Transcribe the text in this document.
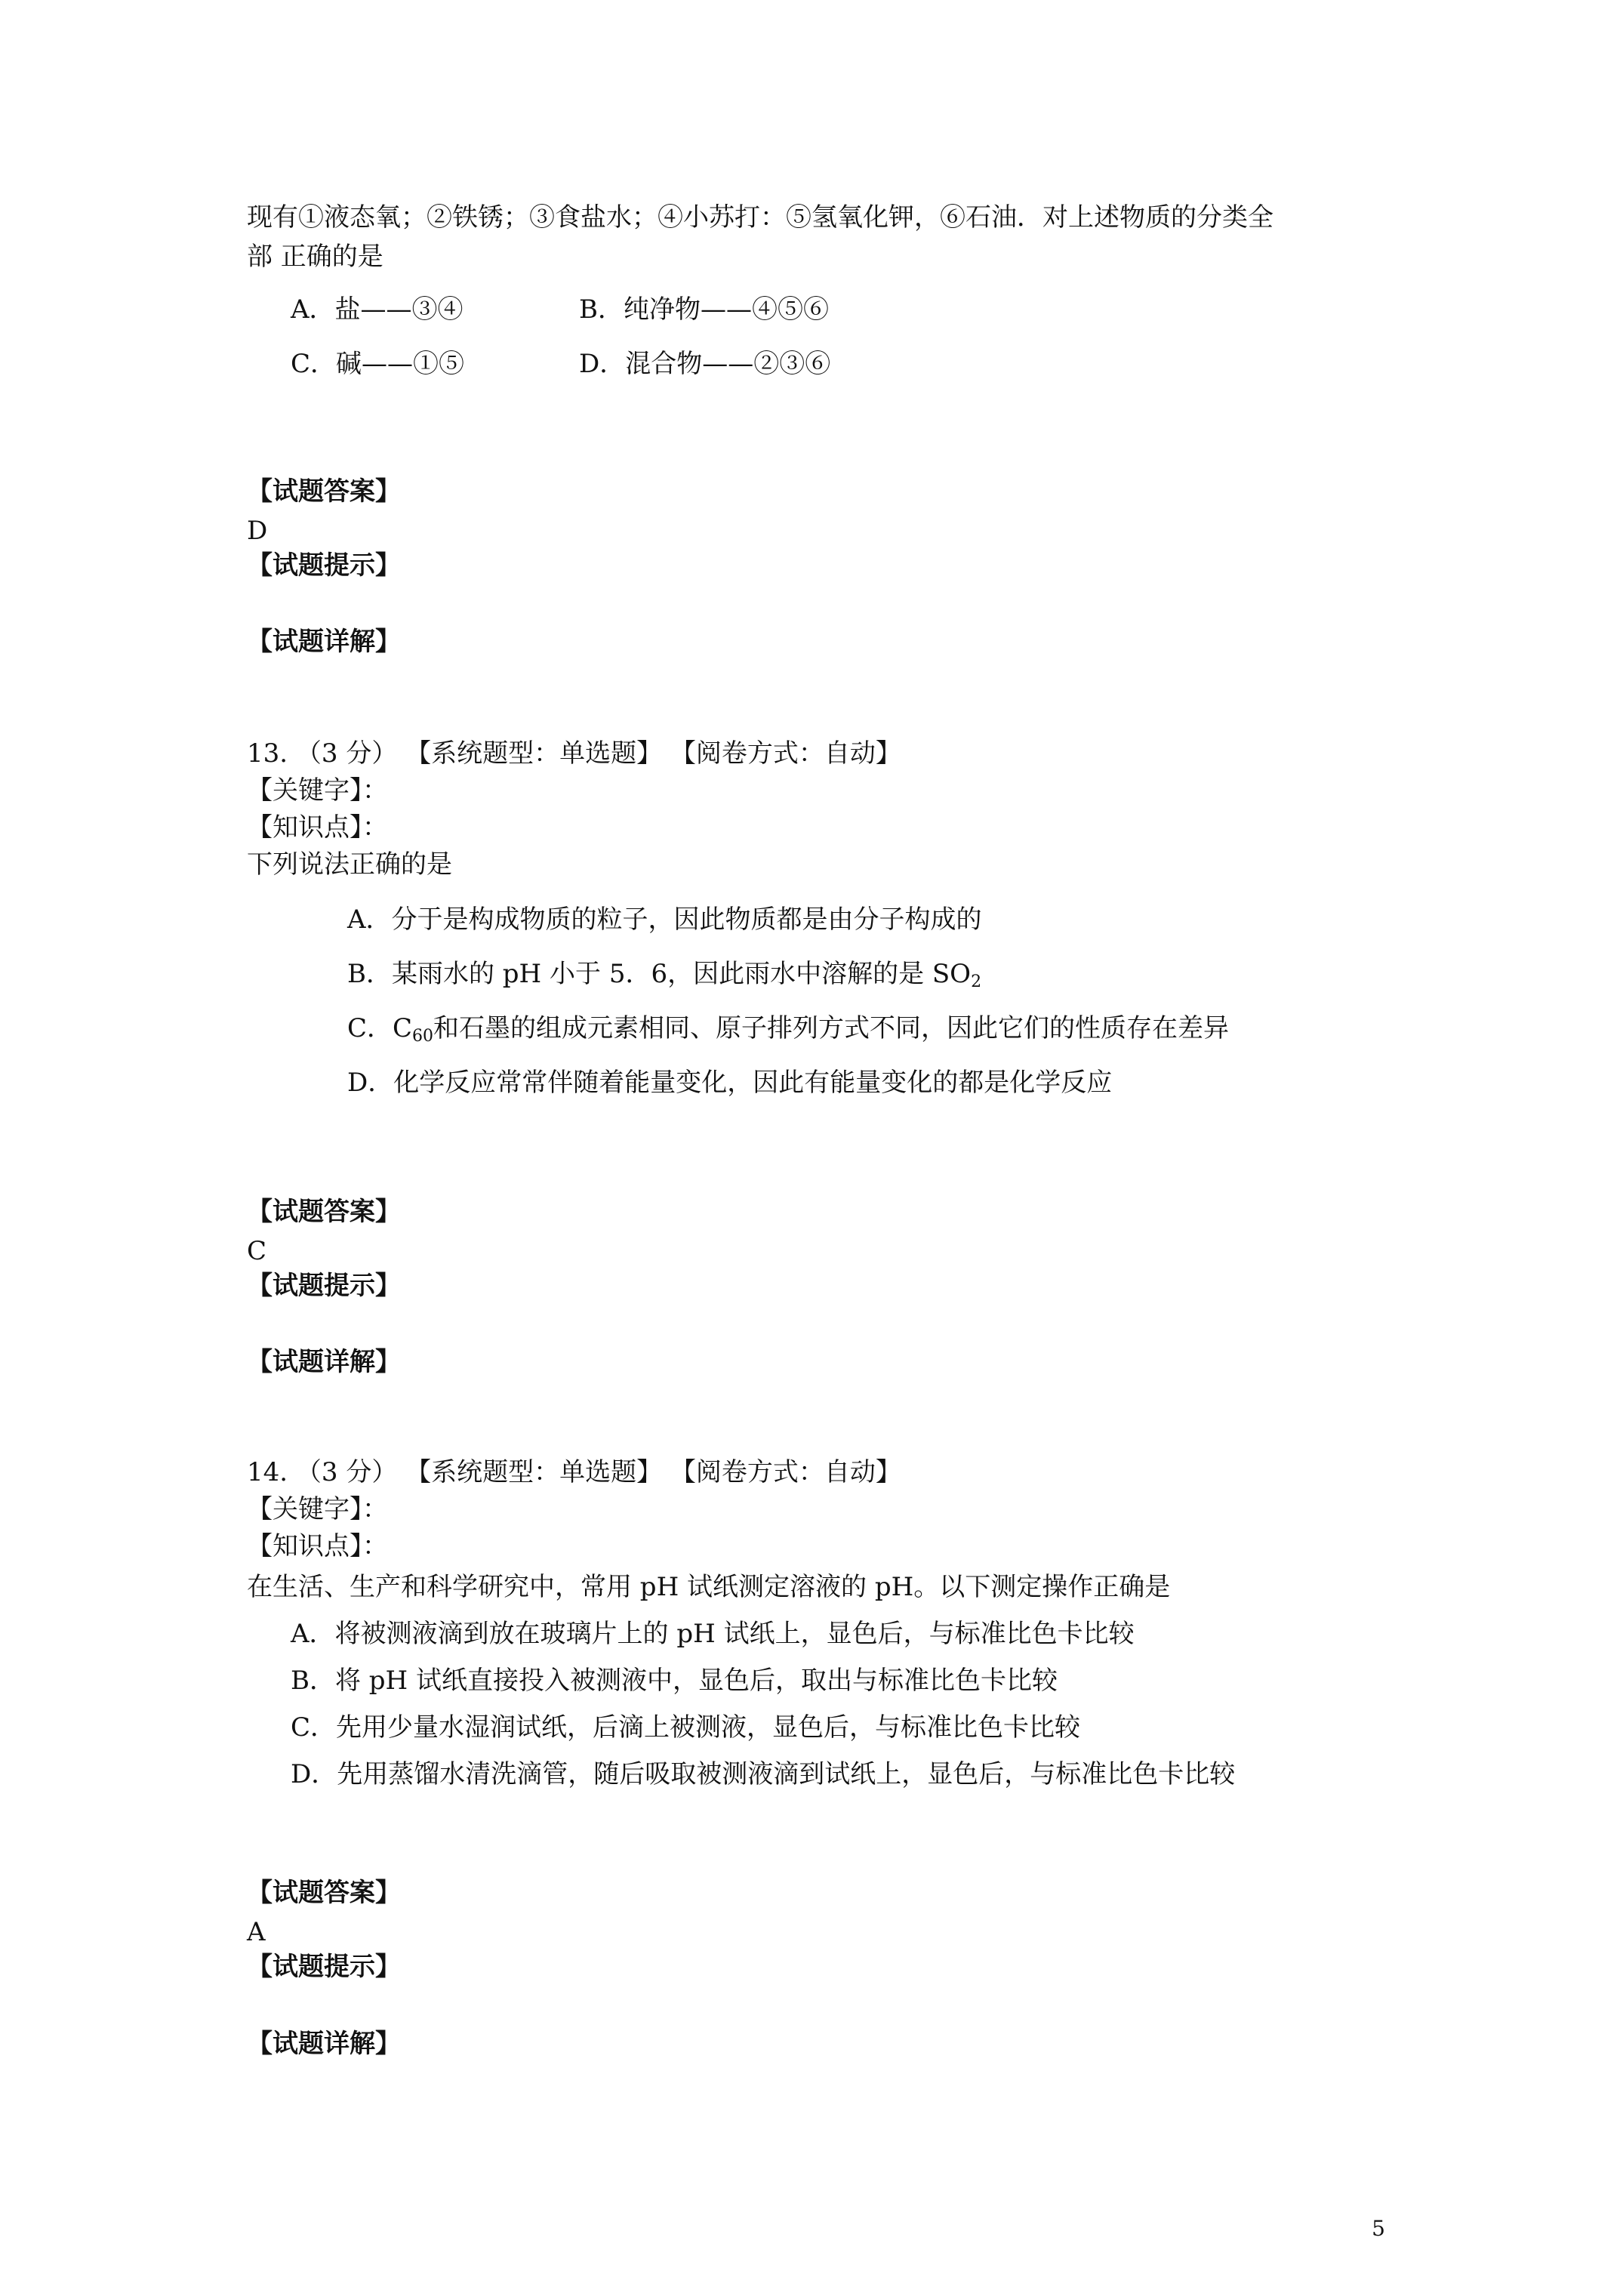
现有①液态氧；②铁锈；③食盐水；④小苏打：⑤氢氧化钾，⑥石油．对上述物质的分类全
部 正确的是
A．盐——③④	B．纯净物——④⑤⑥
C．碱——①⑤	D．混合物——②③⑥
【试题答案】
D
【试题提示】
【试题详解】
13. （3 分） 【系统题型：单选题】 【阅卷方式：自动】
【关键字】：
【知识点】：
下列说法正确的是
A．分于是构成物质的粒子，因此物质都是由分子构成的
B．某雨水的 pH 小于 5．6，因此雨水中溶解的是 $SO_2$
C．$C_{60}$和石墨的组成元素相同、原子排列方式不同，因此它们的性质存在差异
D．化学反应常常伴随着能量变化，因此有能量变化的都是化学反应
【试题答案】
C
【试题提示】
【试题详解】
14. （3 分） 【系统题型：单选题】 【阅卷方式：自动】
【关键字】：
【知识点】：
在生活、生产和科学研究中，常用 pH 试纸测定溶液的 pH。以下测定操作正确是
A．将被测液滴到放在玻璃片上的 pH 试纸上，显色后，与标准比色卡比较
B．将 pH 试纸直接投入被测液中，显色后，取出与标准比色卡比较
C．先用少量水湿润试纸，后滴上被测液，显色后，与标准比色卡比较
D．先用蒸馏水清洗滴管，随后吸取被测液滴到试纸上，显色后，与标准比色卡比较
【试题答案】
A
【试题提示】
【试题详解】
5
